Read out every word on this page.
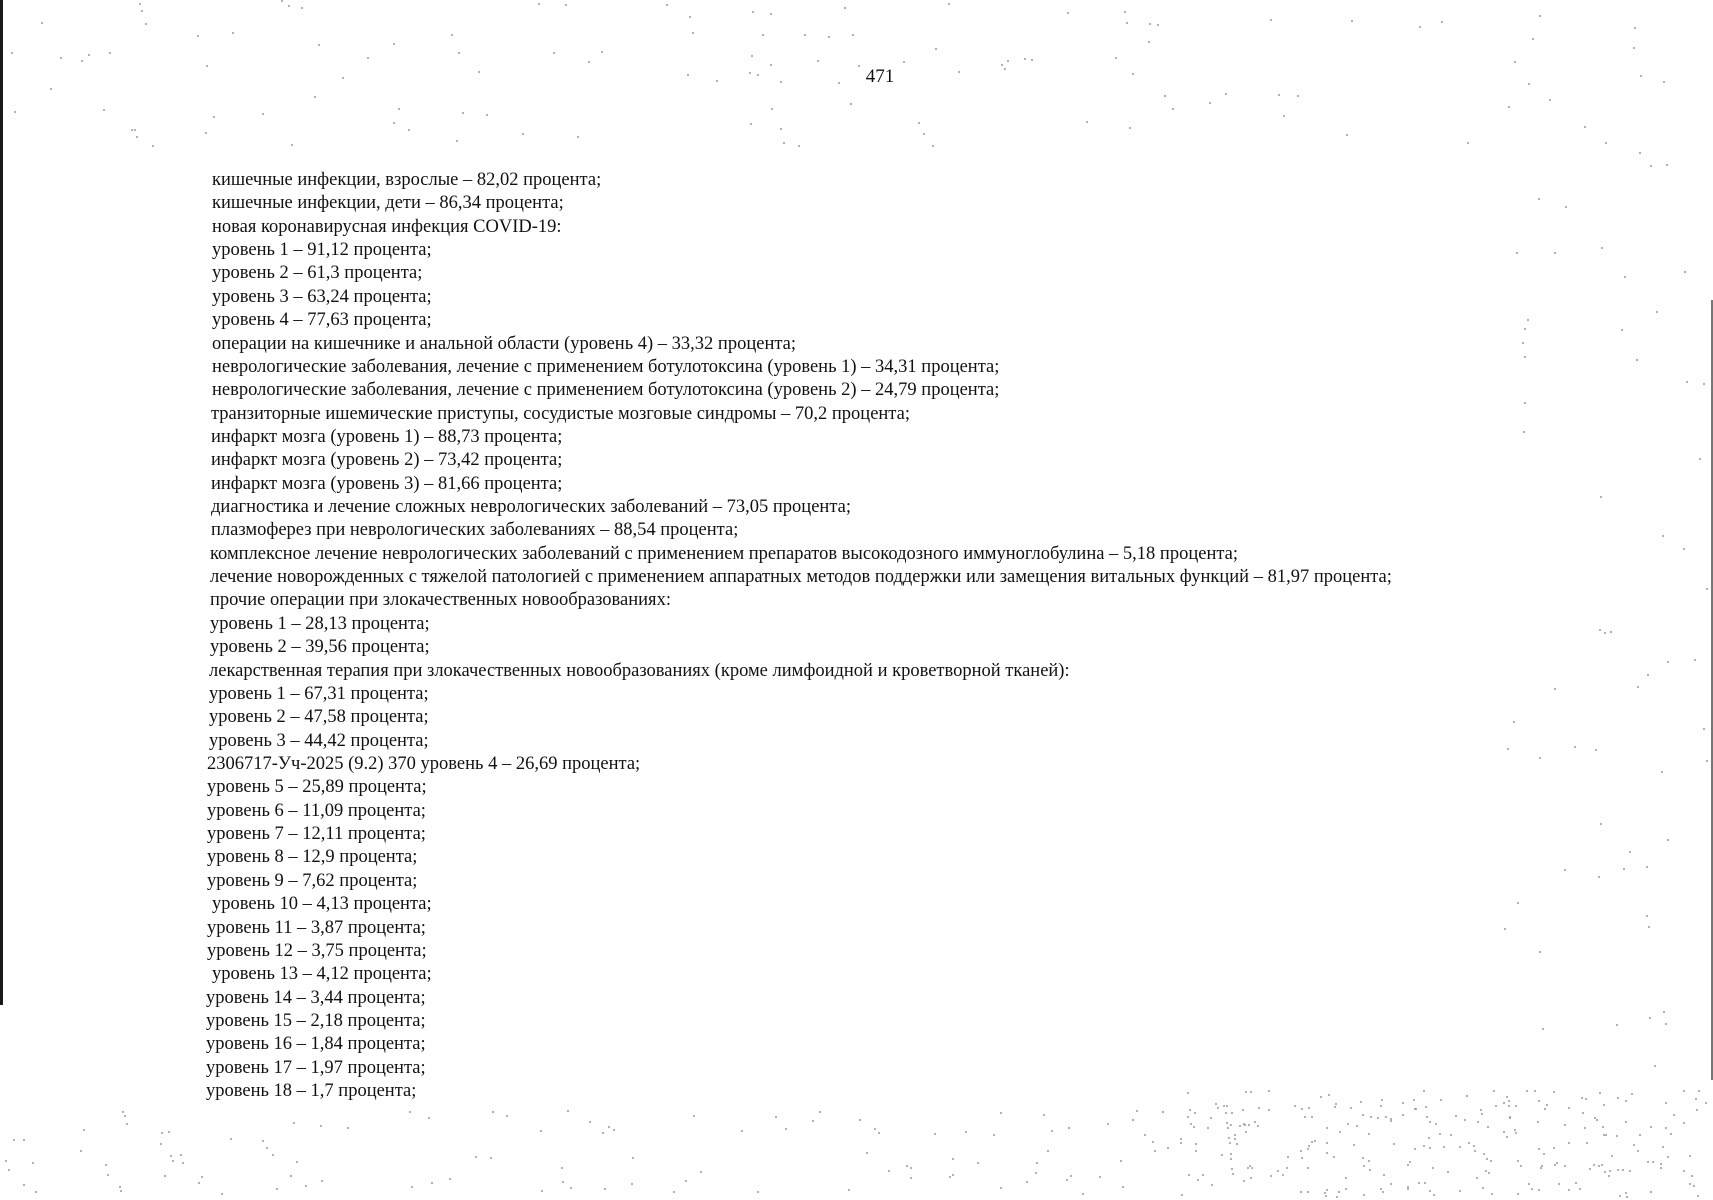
471
кишечные инфекции, взрослые – 82,02 процента;
кишечные инфекции, дети – 86,34 процента;
новая коронавирусная инфекция COVID-19:
уровень 1 – 91,12 процента;
уровень 2 – 61,3 процента;
уровень 3 – 63,24 процента;
уровень 4 – 77,63 процента;
операции на кишечнике и анальной области (уровень 4) – 33,32 процента;
неврологические заболевания, лечение с применением ботулотоксина (уровень 1) – 34,31 процента;
неврологические заболевания, лечение с применением ботулотоксина (уровень 2) – 24,79 процента;
транзиторные ишемические приступы, сосудистые мозговые синдромы – 70,2 процента;
инфаркт мозга (уровень 1) – 88,73 процента;
инфаркт мозга (уровень 2) – 73,42 процента;
инфаркт мозга (уровень 3) – 81,66 процента;
диагностика и лечение сложных неврологических заболеваний – 73,05 процента;
плазмоферез при неврологических заболеваниях – 88,54 процента;
комплексное лечение неврологических заболеваний с применением препаратов высокодозного иммуноглобулина – 5,18 процента;
лечение новорожденных с тяжелой патологией с применением аппаратных методов поддержки или замещения витальных функций – 81,97 процента;
прочие операции при злокачественных новообразованиях:
уровень 1 – 28,13 процента;
уровень 2 – 39,56 процента;
лекарственная терапия при злокачественных новообразованиях (кроме лимфоидной и кроветворной тканей):
уровень 1 – 67,31 процента;
уровень 2 – 47,58 процента;
уровень 3 – 44,42 процента;
2306717-Уч-2025 (9.2) 370 уровень 4 – 26,69 процента;
уровень 5 – 25,89 процента;
уровень 6 – 11,09 процента;
уровень 7 – 12,11 процента;
уровень 8 – 12,9 процента;
уровень 9 – 7,62 процента;
уровень 10 – 4,13 процента;
уровень 11 – 3,87 процента;
уровень 12 – 3,75 процента;
уровень 13 – 4,12 процента;
уровень 14 – 3,44 процента;
уровень 15 – 2,18 процента;
уровень 16 – 1,84 процента;
уровень 17 – 1,97 процента;
уровень 18 – 1,7 процента;
